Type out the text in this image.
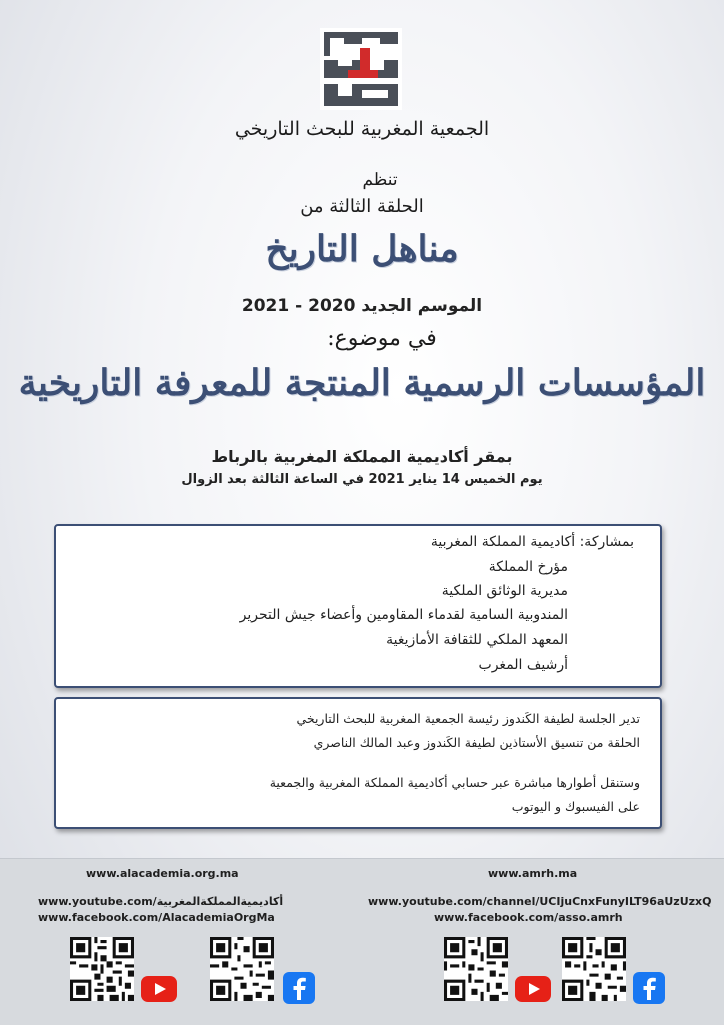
الجمعية المغربية للبحث التاريخي
تنظم
الحلقة الثالثة من
مناهل التاريخ
الموسم الجديد 2020 - 2021
في موضوع:
المؤسسات الرسمية المنتجة للمعرفة التاريخية
بمقر أكاديمية المملكة المغربية بالرباط
يوم الخميس 14 يناير 2021 في الساعة الثالثة بعد الزوال

بمشاركة: أكاديمية المملكة المغربية

مؤرخ المملكة

مديرية الوثائق الملكية

المندوبية السامية لقدماء المقاومين وأعضاء جيش التحرير

المعهد الملكي للثقافة الأمازيغية

أرشيف المغرب

تدير الجلسة لطيفة الكَندوز رئيسة الجمعية المغربية للبحث التاريخي

الحلقة من تنسيق الأستاذين لطيفة الكَندوز وعبد المالك الناصري

وستنقل أطوارها مباشرة عبر حسابي أكاديمية المملكة المغربية والجمعية

على الفيسبوك و اليوتوب

www.alacademia.org.ma
www.youtube.com/أكاديميةالمملكةالمغربية
www.facebook.com/AlacademiaOrgMa
www.amrh.ma
www.youtube.com/channel/UCIjuCnxFunyILT96aUzUzxQ
www.facebook.com/asso.amrh
